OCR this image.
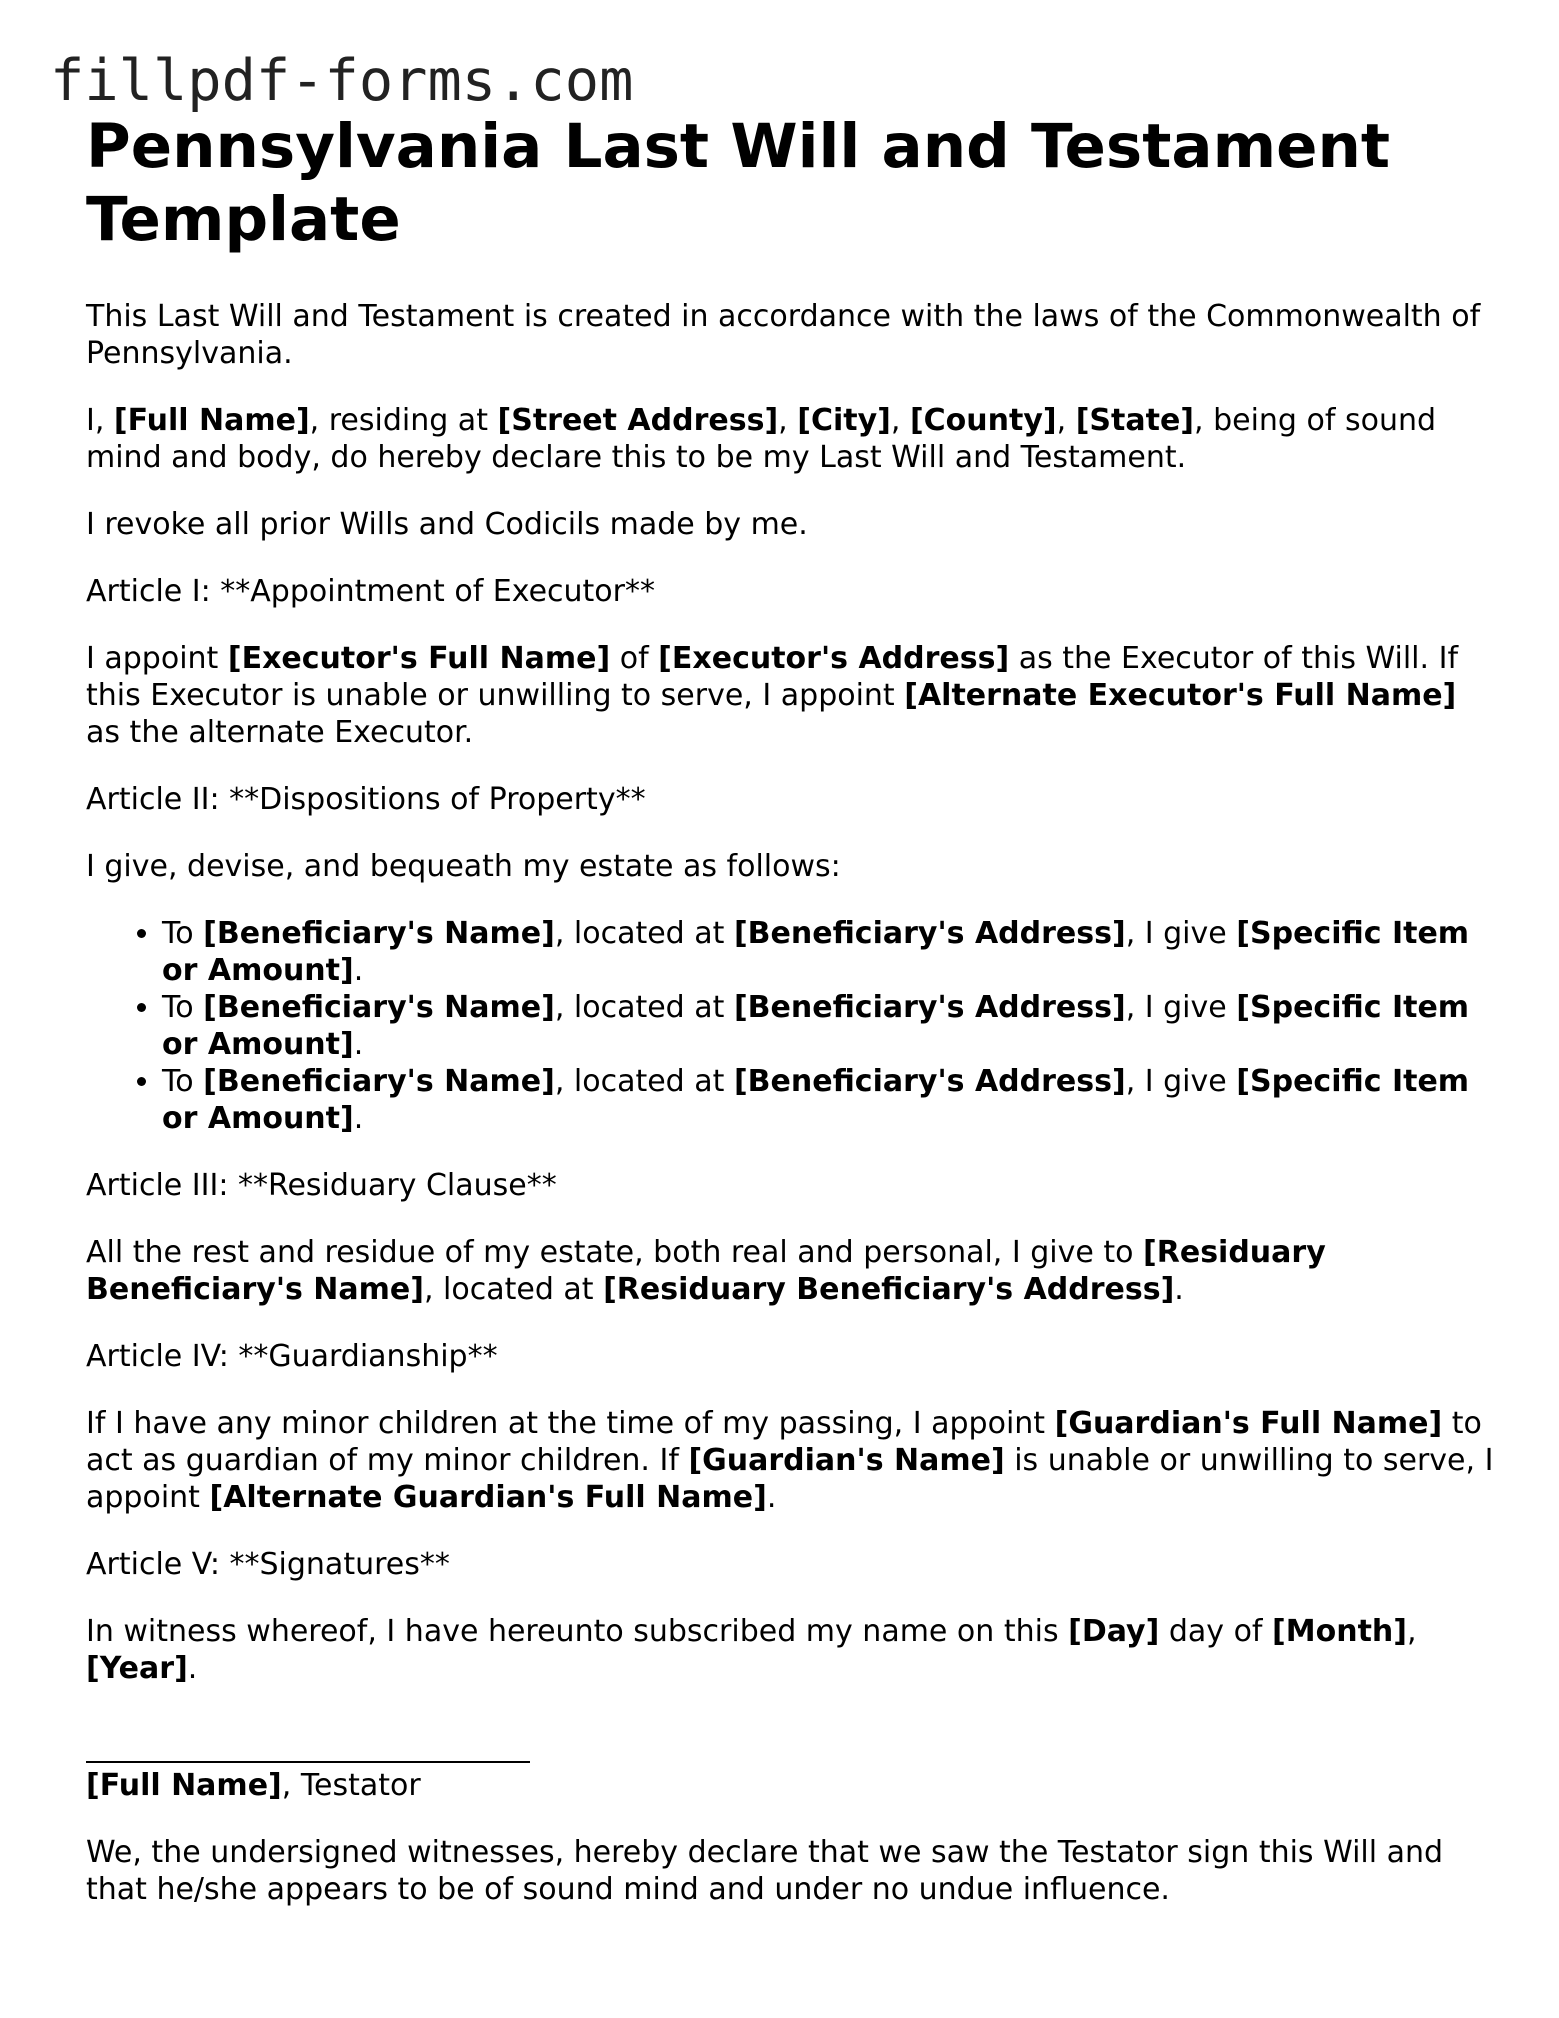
fillpdf-forms.com
Pennsylvania Last Will and Testament Template

This Last Will and Testament is created in accordance with the laws of the Commonwealth of Pennsylvania.

I, [Full Name], residing at [Street Address], [City], [County], [State], being of sound mind and body, do hereby declare this to be my Last Will and Testament.

I revoke all prior Wills and Codicils made by me.

Article I: **Appointment of Executor**

I appoint [Executor's Full Name] of [Executor's Address] as the Executor of this Will. If this Executor is unable or unwilling to serve, I appoint [Alternate Executor's Full Name] as the alternate Executor.

Article II: **Dispositions of Property**

I give, devise, and bequeath my estate as follows:

• To [Beneficiary's Name], located at [Beneficiary's Address], I give [Specific Item or Amount].
• To [Beneficiary's Name], located at [Beneficiary's Address], I give [Specific Item or Amount].
• To [Beneficiary's Name], located at [Beneficiary's Address], I give [Specific Item or Amount].

Article III: **Residuary Clause**

All the rest and residue of my estate, both real and personal, I give to [Residuary Beneficiary's Name], located at [Residuary Beneficiary's Address].

Article IV: **Guardianship**

If I have any minor children at the time of my passing, I appoint [Guardian's Full Name] to act as guardian of my minor children. If [Guardian's Name] is unable or unwilling to serve, I appoint [Alternate Guardian's Full Name].

Article V: **Signatures**

In witness whereof, I have hereunto subscribed my name on this [Day] day of [Month], [Year].

[Full Name], Testator

We, the undersigned witnesses, hereby declare that we saw the Testator sign this Will and that he/she appears to be of sound mind and under no undue influence.
